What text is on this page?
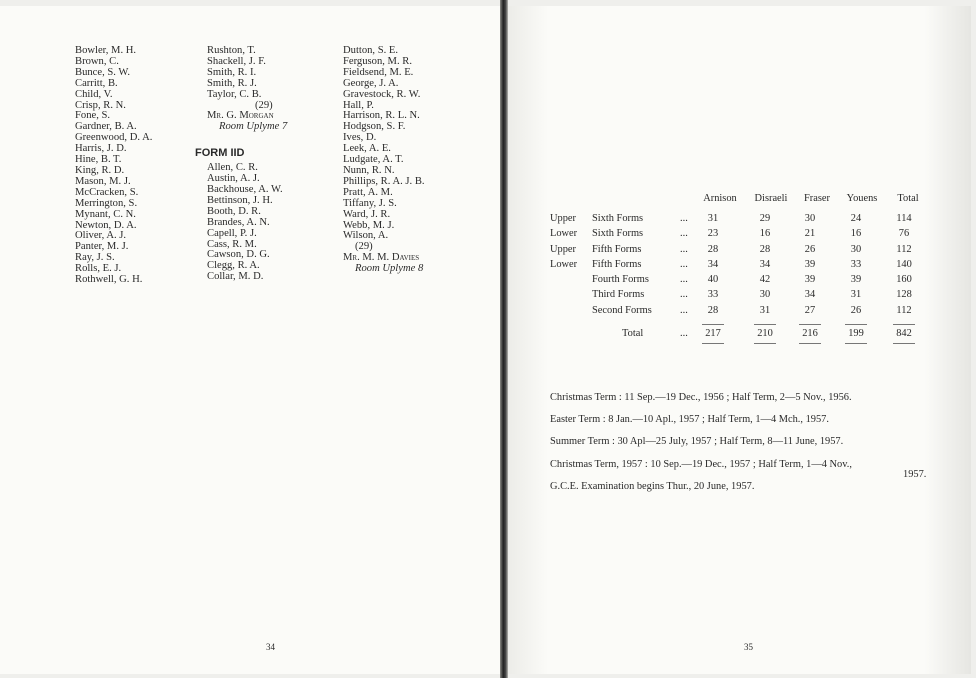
Bowler, M. H.
Brown, C.
Bunce, S. W.
Carritt, B.
Child, V.
Crisp, R. N.
Fone, S.
Gardner, B. A.
Greenwood, D. A.
Harris, J. D.
Hine, B. T.
King, R. D.
Mason, M. J.
McCracken, S.
Merrington, S.
Mynant, C. N.
Newton, D. A.
Oliver, A. J.
Panter, M. J.
Ray, J. S.
Rolls, E. J.
Rothwell, G. H.
Rushton, T.
Shackell, J. F.
Smith, R. I.
Smith, R. J.
Taylor, C. B.
(29)
Mr. G. Morgan
Room Uplyme 7
FORM IID
Allen, C. R.
Austin, A. J.
Backhouse, A. W.
Bettinson, J. H.
Booth, D. R.
Brandes, A. N.
Capell, P. J.
Cass, R. M.
Cawson, D. G.
Clegg, R. A.
Collar, M. D.
Dutton, S. E.
Ferguson, M. R.
Fieldsend, M. E.
George, J. A.
Gravestock, R. W.
Hall, P.
Harrison, R. L. N.
Hodgson, S. F.
Ives, D.
Leek, A. E.
Ludgate, A. T.
Nunn, R. N.
Phillips, R. A. J. B.
Pratt, A. M.
Tiffany, J. S.
Ward, J. R.
Webb, M. J.
Wilson, A.
(29)
Mr. M. M. Davies
Room Uplyme 8
34
Arnison	Disraeli	Fraser	Youens	Total
Upper Sixth Forms	...	31	29	30	24	114
Lower Sixth Forms	...	23	16	21	16	76
Upper Fifth Forms	...	28	28	26	30	112
Lower Fifth Forms	...	34	34	39	33	140
Fourth Forms	...	40	42	39	39	160
Third Forms	...	33	30	34	31	128
Second Forms	...	28	31	27	26	112
Total	...	217	210	216	199	842
Christmas Term : 11 Sep.—19 Dec., 1956 ; Half Term, 2—5 Nov., 1956.
Easter Term : 8 Jan.—10 Apl., 1957 ; Half Term, 1—4 Mch., 1957.
Summer Term : 30 Apl—25 July, 1957 ; Half Term, 8—11 June, 1957.
Christmas Term, 1957 : 10 Sep.—19 Dec., 1957 ; Half Term, 1—4 Nov.,
1957.
G.C.E. Examination begins Thur., 20 June, 1957.
35
